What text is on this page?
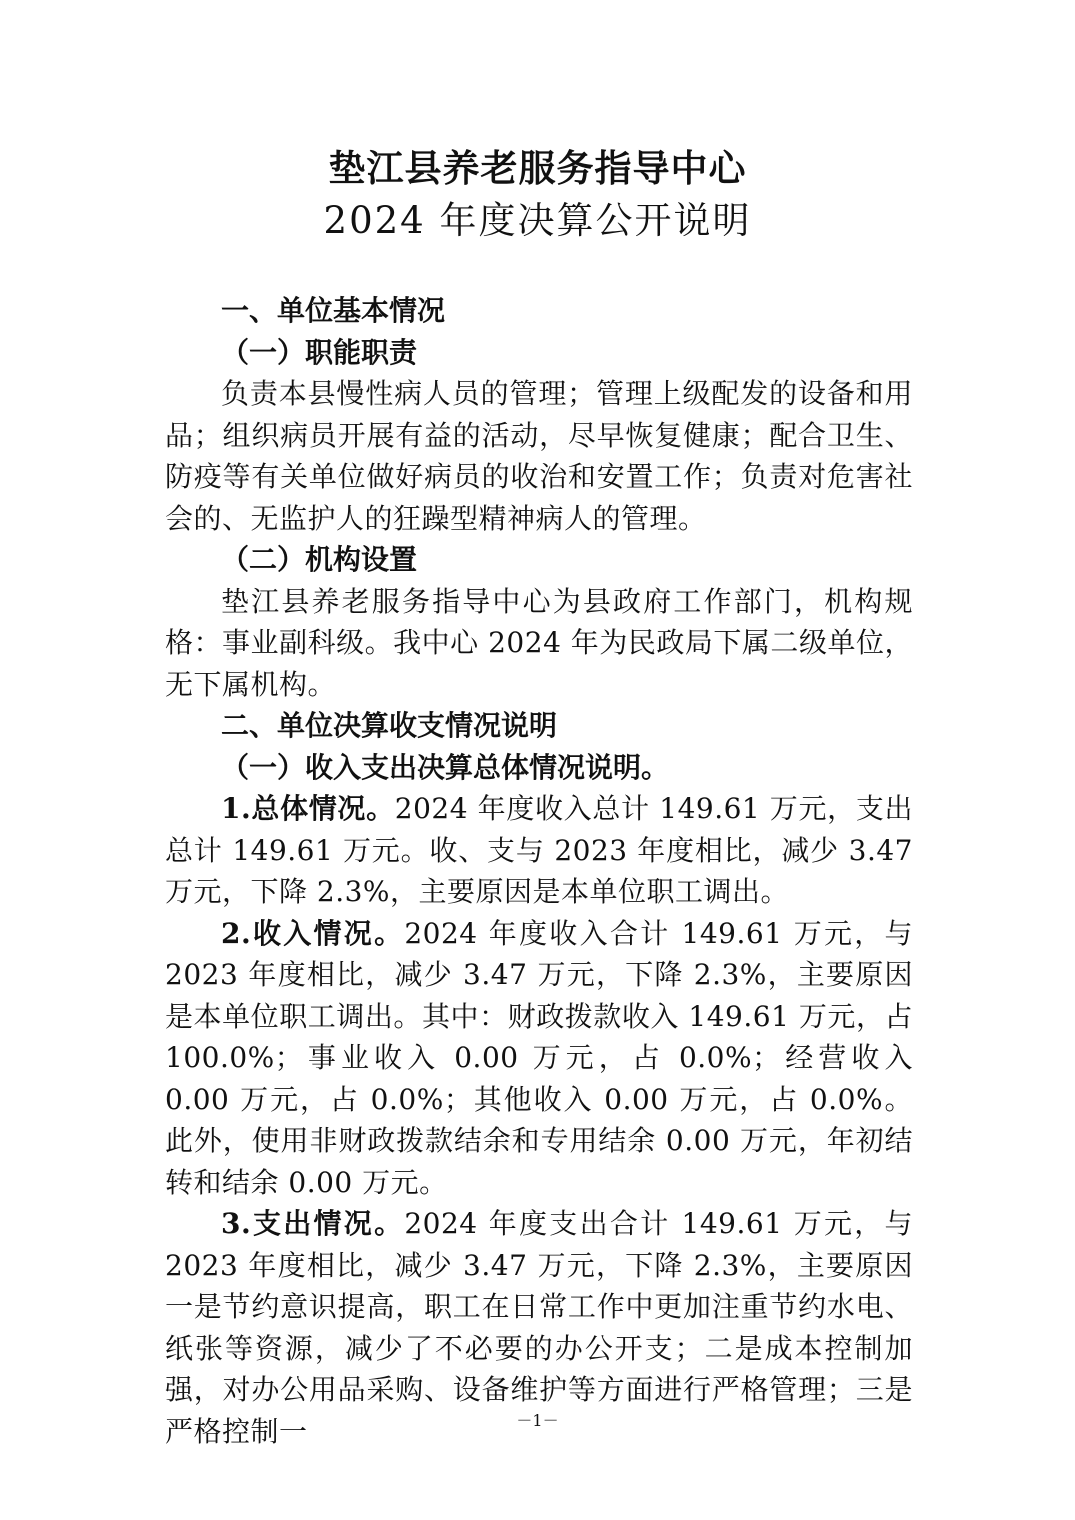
垫江县养老服务指导中心
2024 年度决算公开说明

一、单位基本情况

（一）职能职责

负责本县慢性病人员的管理；管理上级配发的设备和用品；组织病员开展有益的活动，尽早恢复健康；配合卫生、防疫等有关单位做好病员的收治和安置工作；负责对危害社会的、无监护人的狂躁型精神病人的管理。

（二）机构设置

垫江县养老服务指导中心为县政府工作部门，机构规格：事业副科级。我中心 2024 年为民政局下属二级单位，无下属机构。

二、单位决算收支情况说明

（一）收入支出决算总体情况说明。

1.总体情况。2024 年度收入总计 149.61 万元，支出总计 149.61 万元。收、支与 2023 年度相比，减少 3.47 万元，下降 2.3%，主要原因是本单位职工调出。

2.收入情况。2024 年度收入合计 149.61 万元，与 2023 年度相比，减少 3.47 万元，下降 2.3%，主要原因是本单位职工调出。其中：财政拨款收入 149.61 万元，占 100.0%；事业收入 0.00 万元，占 0.0%；经营收入 0.00 万元，占 0.0%；其他收入 0.00 万元，占 0.0%。此外，使用非财政拨款结余和专用结余 0.00 万元，年初结转和结余 0.00 万元。

3.支出情况。2024 年度支出合计 149.61 万元，与 2023 年度相比，减少 3.47 万元，下降 2.3%，主要原因一是节约意识提高，职工在日常工作中更加注重节约水电、纸张等资源，减少了不必要的办公开支；二是成本控制加强，对办公用品采购、设备维护等方面进行严格管理；三是严格控制一	－1－
